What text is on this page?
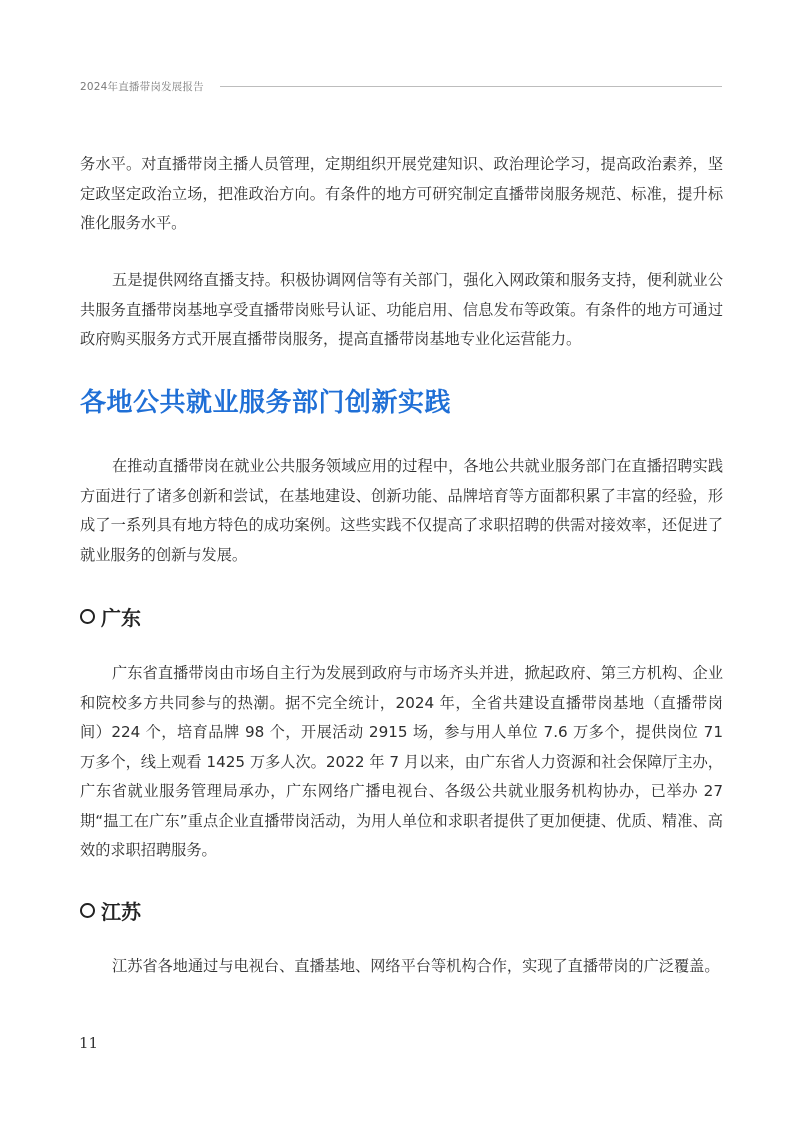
2024年直播带岗发展报告

务水平。对直播带岗主播人员管理，定期组织开展党建知识、政治理论学习，提高政治素养，坚定政坚定政治立场，把准政治方向。有条件的地方可研究制定直播带岗服务规范、标准，提升标准化服务水平。

五是提供网络直播支持。积极协调网信等有关部门，强化入网政策和服务支持，便利就业公共服务直播带岗基地享受直播带岗账号认证、功能启用、信息发布等政策。有条件的地方可通过政府购买服务方式开展直播带岗服务，提高直播带岗基地专业化运营能力。

各地公共就业服务部门创新实践

在推动直播带岗在就业公共服务领域应用的过程中，各地公共就业服务部门在直播招聘实践方面进行了诸多创新和尝试，在基地建设、创新功能、品牌培育等方面都积累了丰富的经验，形成了一系列具有地方特色的成功案例。这些实践不仅提高了求职招聘的供需对接效率，还促进了就业服务的创新与发展。

广东

广东省直播带岗由市场自主行为发展到政府与市场齐头并进，掀起政府、第三方机构、企业和院校多方共同参与的热潮。据不完全统计，2024 年，全省共建设直播带岗基地（直播带岗间）224 个，培育品牌 98 个，开展活动 2915 场，参与用人单位 7.6 万多个，提供岗位 71 万多个，线上观看 1425 万多人次。2022 年 7 月以来，由广东省人力资源和社会保障厅主办，广东省就业服务管理局承办，广东网络广播电视台、各级公共就业服务机构协办，已举办 27 期“揾工在广东”重点企业直播带岗活动，为用人单位和求职者提供了更加便捷、优质、精准、高效的求职招聘服务。

江苏

江苏省各地通过与电视台、直播基地、网络平台等机构合作，实现了直播带岗的广泛覆盖。

11
